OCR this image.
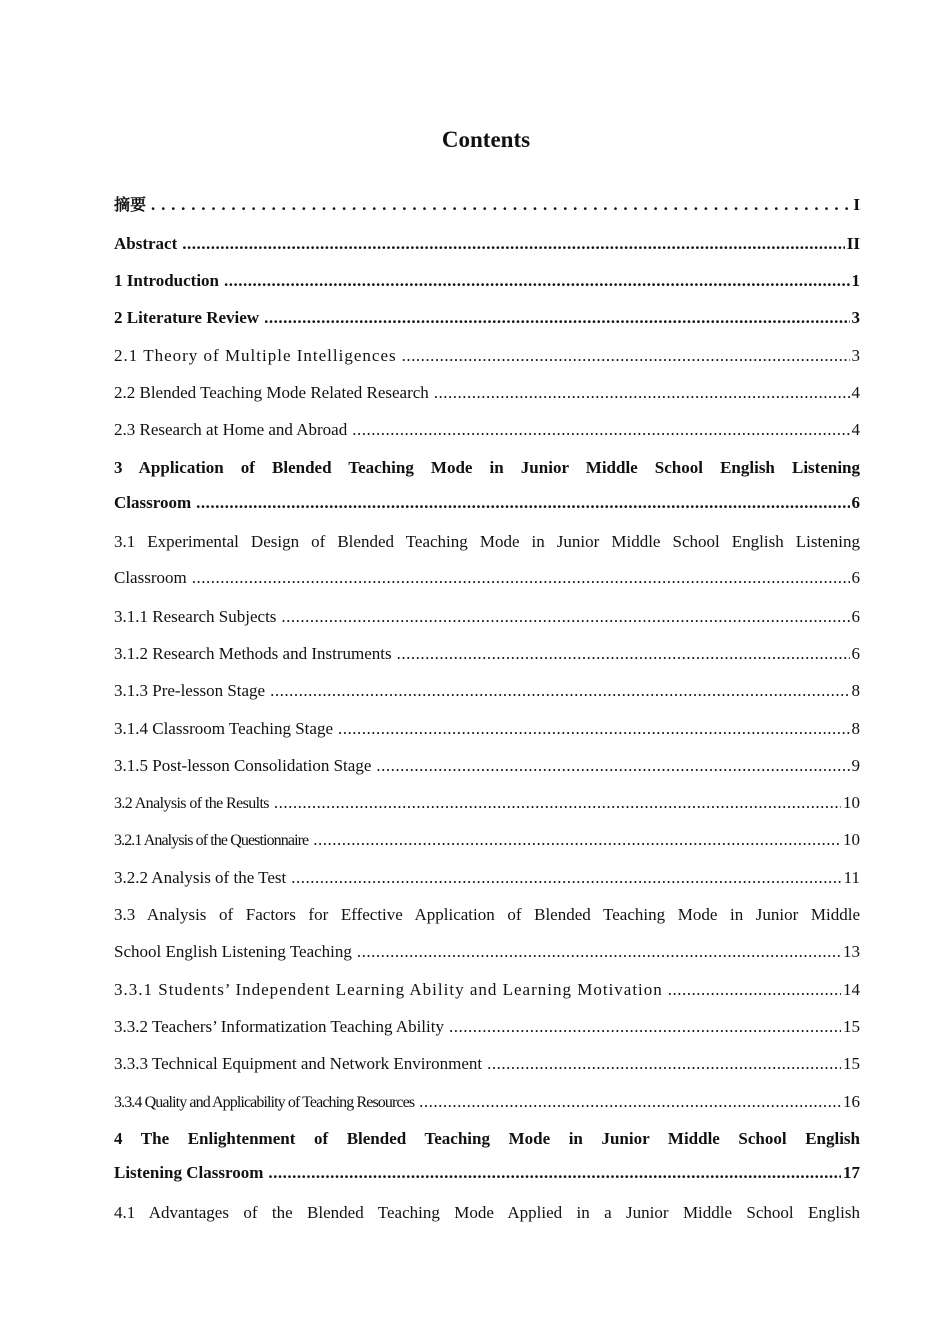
Contents
摘要 .....	I
Abstract .....	II
1 Introduction .....	1
2 Literature Review .....	3
2.1 Theory of Multiple Intelligences .....	3
2.2 Blended Teaching Mode Related Research .....	4
2.3 Research at Home and Abroad .....	4
3 Application of Blended Teaching Mode in Junior Middle School English Listening
Classroom .....	6
3.1 Experimental Design of Blended Teaching Mode in Junior Middle School English Listening
Classroom .....	6
3.1.1 Research Subjects .....	6
3.1.2 Research Methods and Instruments .....	6
3.1.3 Pre-lesson Stage .....	8
3.1.4 Classroom Teaching Stage .....	8
3.1.5 Post-lesson Consolidation Stage .....	9
3.2 Analysis of the Results .....	10
3.2.1 Analysis of the Questionnaire .....	10
3.2.2 Analysis of the Test .....	11
3.3 Analysis of Factors for Effective Application of Blended Teaching Mode in Junior Middle
School English Listening Teaching .....	13
3.3.1 Students’ Independent Learning Ability and Learning Motivation .....	14
3.3.2 Teachers’ Informatization Teaching Ability .....	15
3.3.3 Technical Equipment and Network Environment .....	15
3.3.4 Quality and Applicability of Teaching Resources .....	16
4 The Enlightenment of Blended Teaching Mode in Junior Middle School English
Listening Classroom .....	17
4.1 Advantages of the Blended Teaching Mode Applied in a Junior Middle School English
